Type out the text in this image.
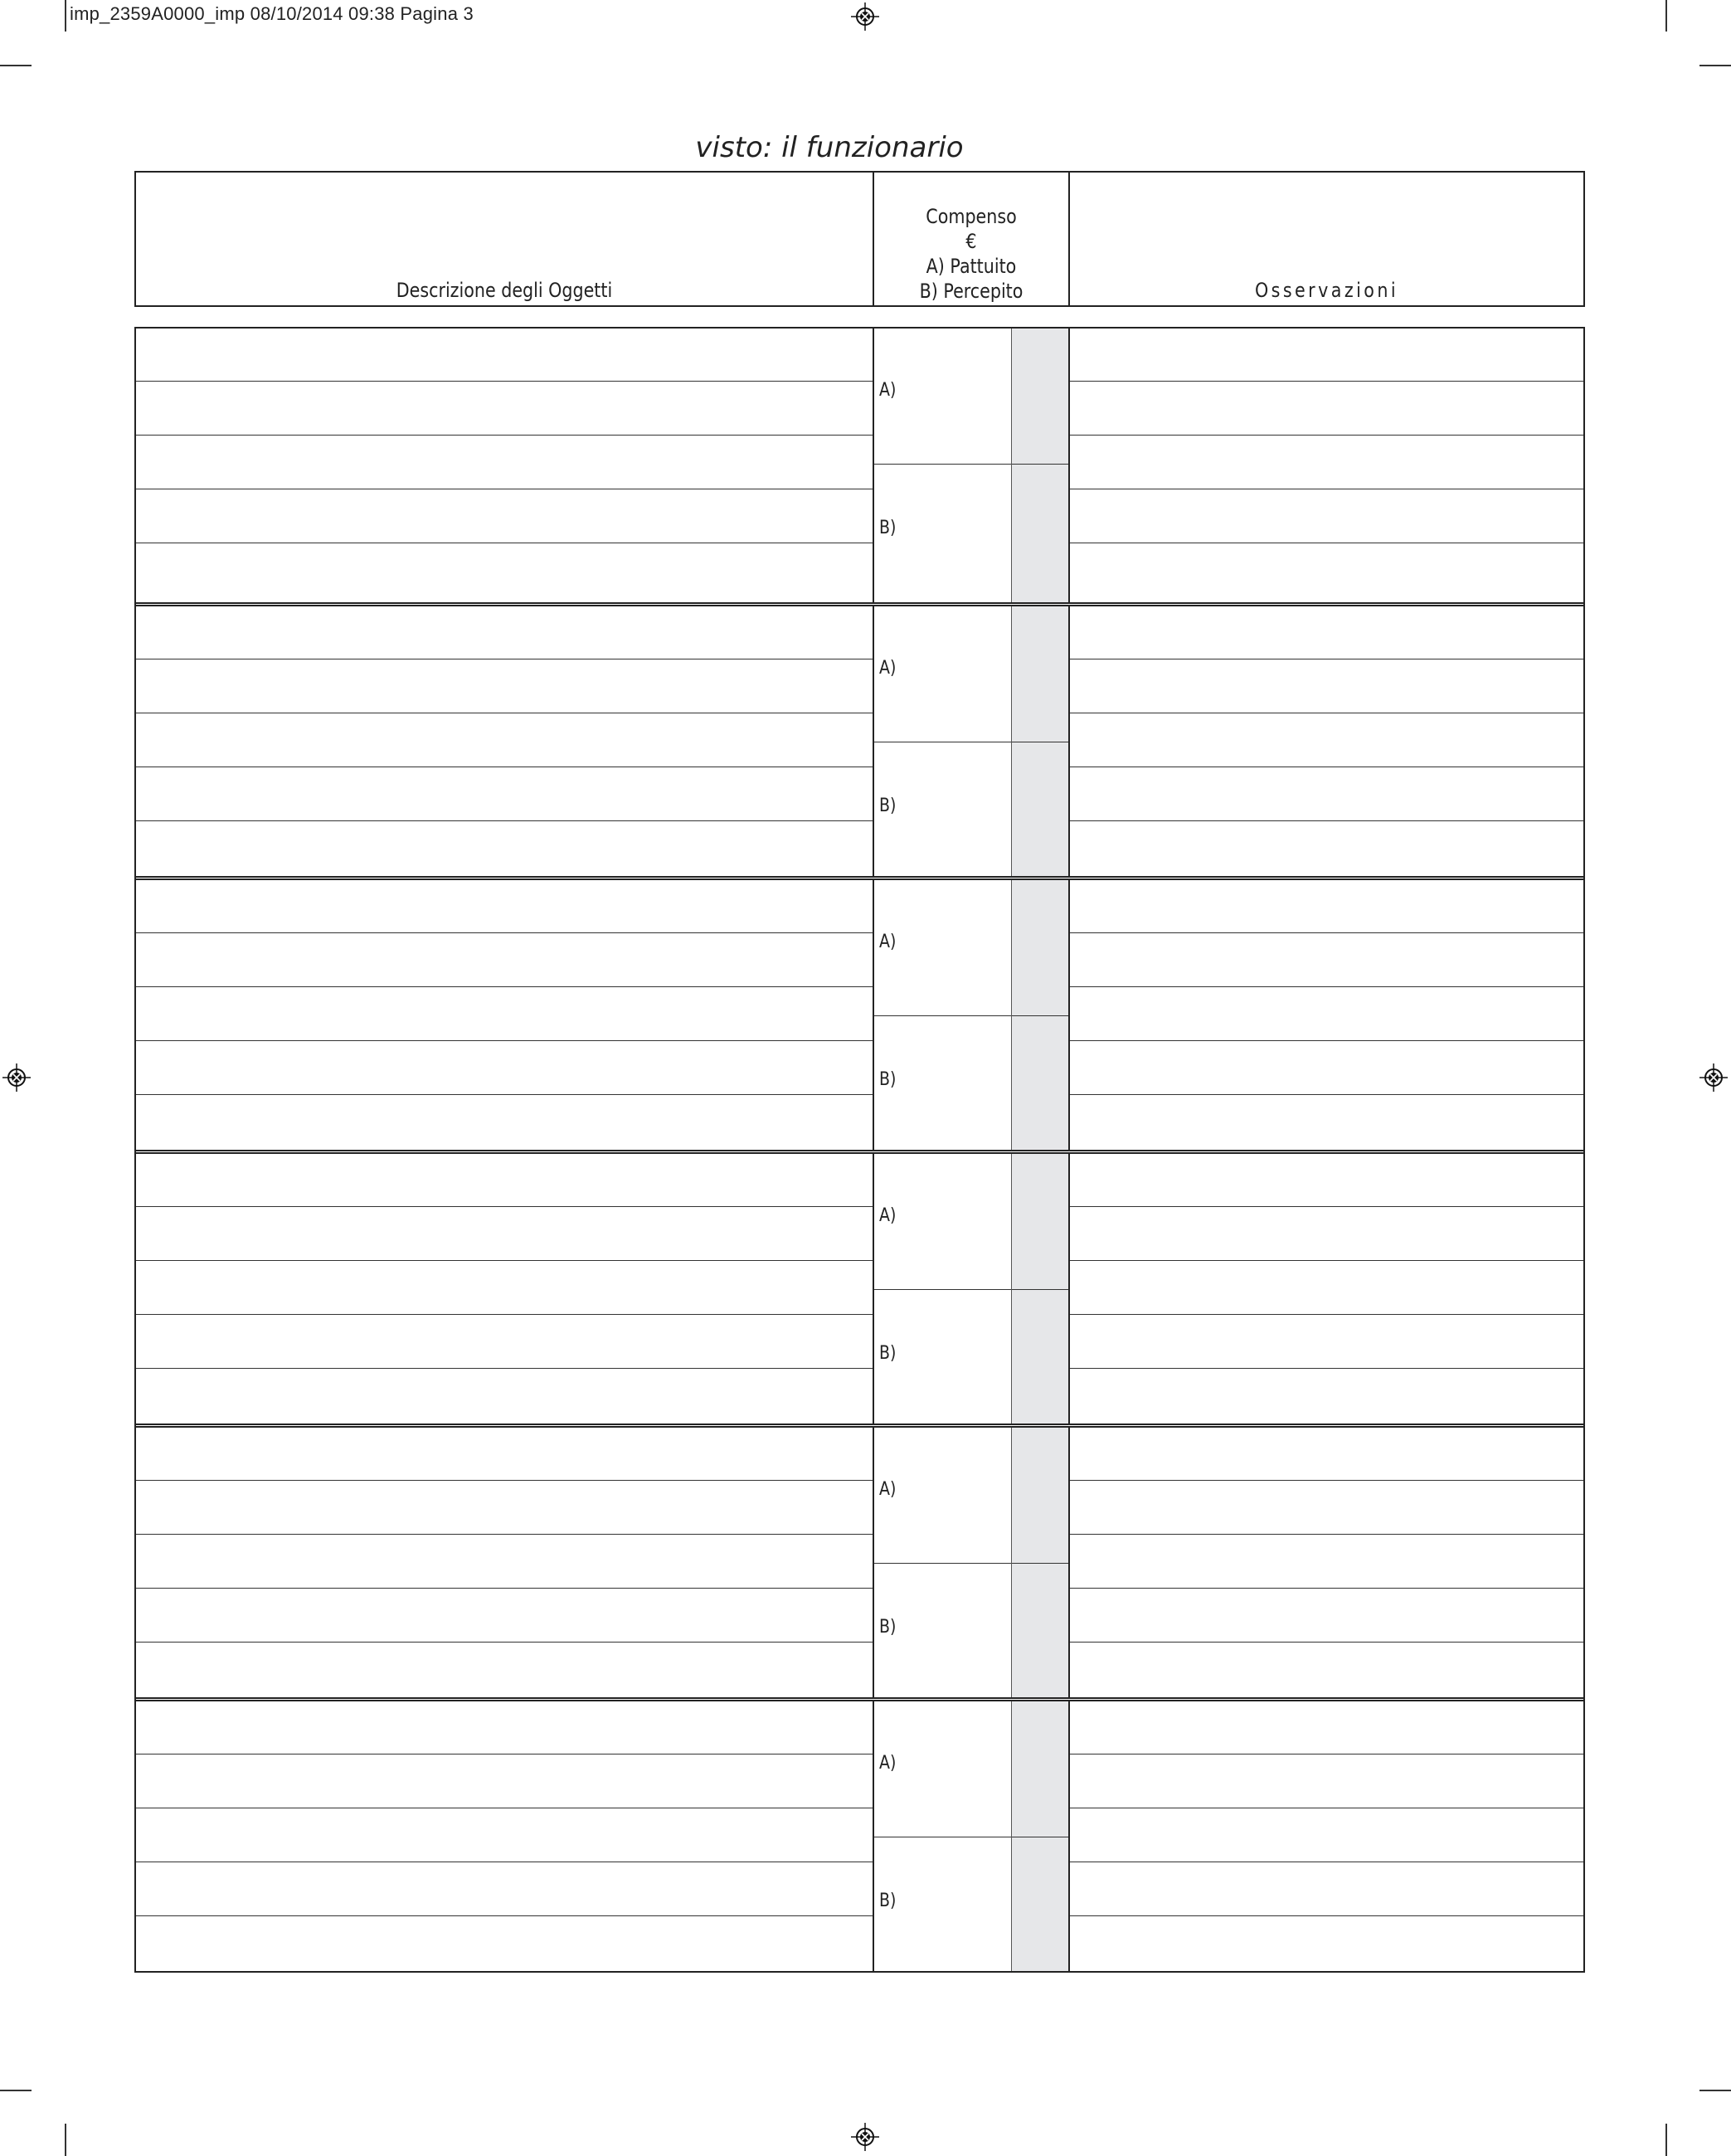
imp_2359A0000_imp 08/10/2014 09:38 Pagina 3
visto: il funzionario
Descrizione degli Oggetti
Compenso
€
A) Pattuito
B) Percepito	Osservazioni
A)
B)
A)
B)
A)
B)
A)
B)
A)
B)
A)
B)
